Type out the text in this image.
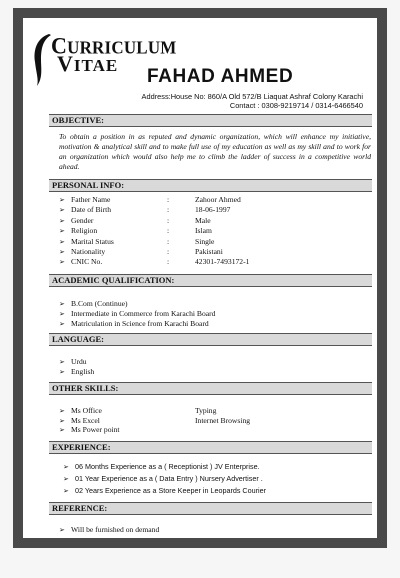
CURRICULUM
VITAE
FAHAD AHMED
Address:House No: 860/A Old 572/B Liaquat Ashraf Colony Karachi
Contact : 0308-9219714 / 0314-6466540
OBJECTIVE:
To obtain a position in as reputed and dynamic organization, which will enhance my initiative, motivation & analytical skill and to make full use of my education as well as my skill and to work for an organization which would also help me to climb the ladder of success in a competitive world ahead.
PERSONAL INFO:
➢ Father Name	:	Zahoor Ahmed
➢ Date of Birth	:	18-06-1997
➢ Gender	:	Male
➢ Religion	:	Islam
➢ Marital Status	:	Single
➢ Nationality	:	Pakistani
➢ CNIC No.	:	42301-7493172-1
ACADEMIC QUALIFICATION:
➢ B.Com (Continue)
➢ Intermediate in Commerce from Karachi Board
➢ Matriculation in Science from Karachi Board
LANGUAGE:
➢ Urdu
➢ English
OTHER SKILLS:
➢ Ms Office	Typing
➢ Ms Excel	Internet Browsing
➢ Ms Power point
EXPERIENCE:
➢ 06 Months Experience as a ( Receptionist ) JV Enterprise.
➢ 01 Year Experience as a ( Data Entry ) Nursery Advertiser .
➢ 02 Years Experience as a Store Keeper in Leopards Courier
REFERENCE:
➢ Will be furnished on demand
